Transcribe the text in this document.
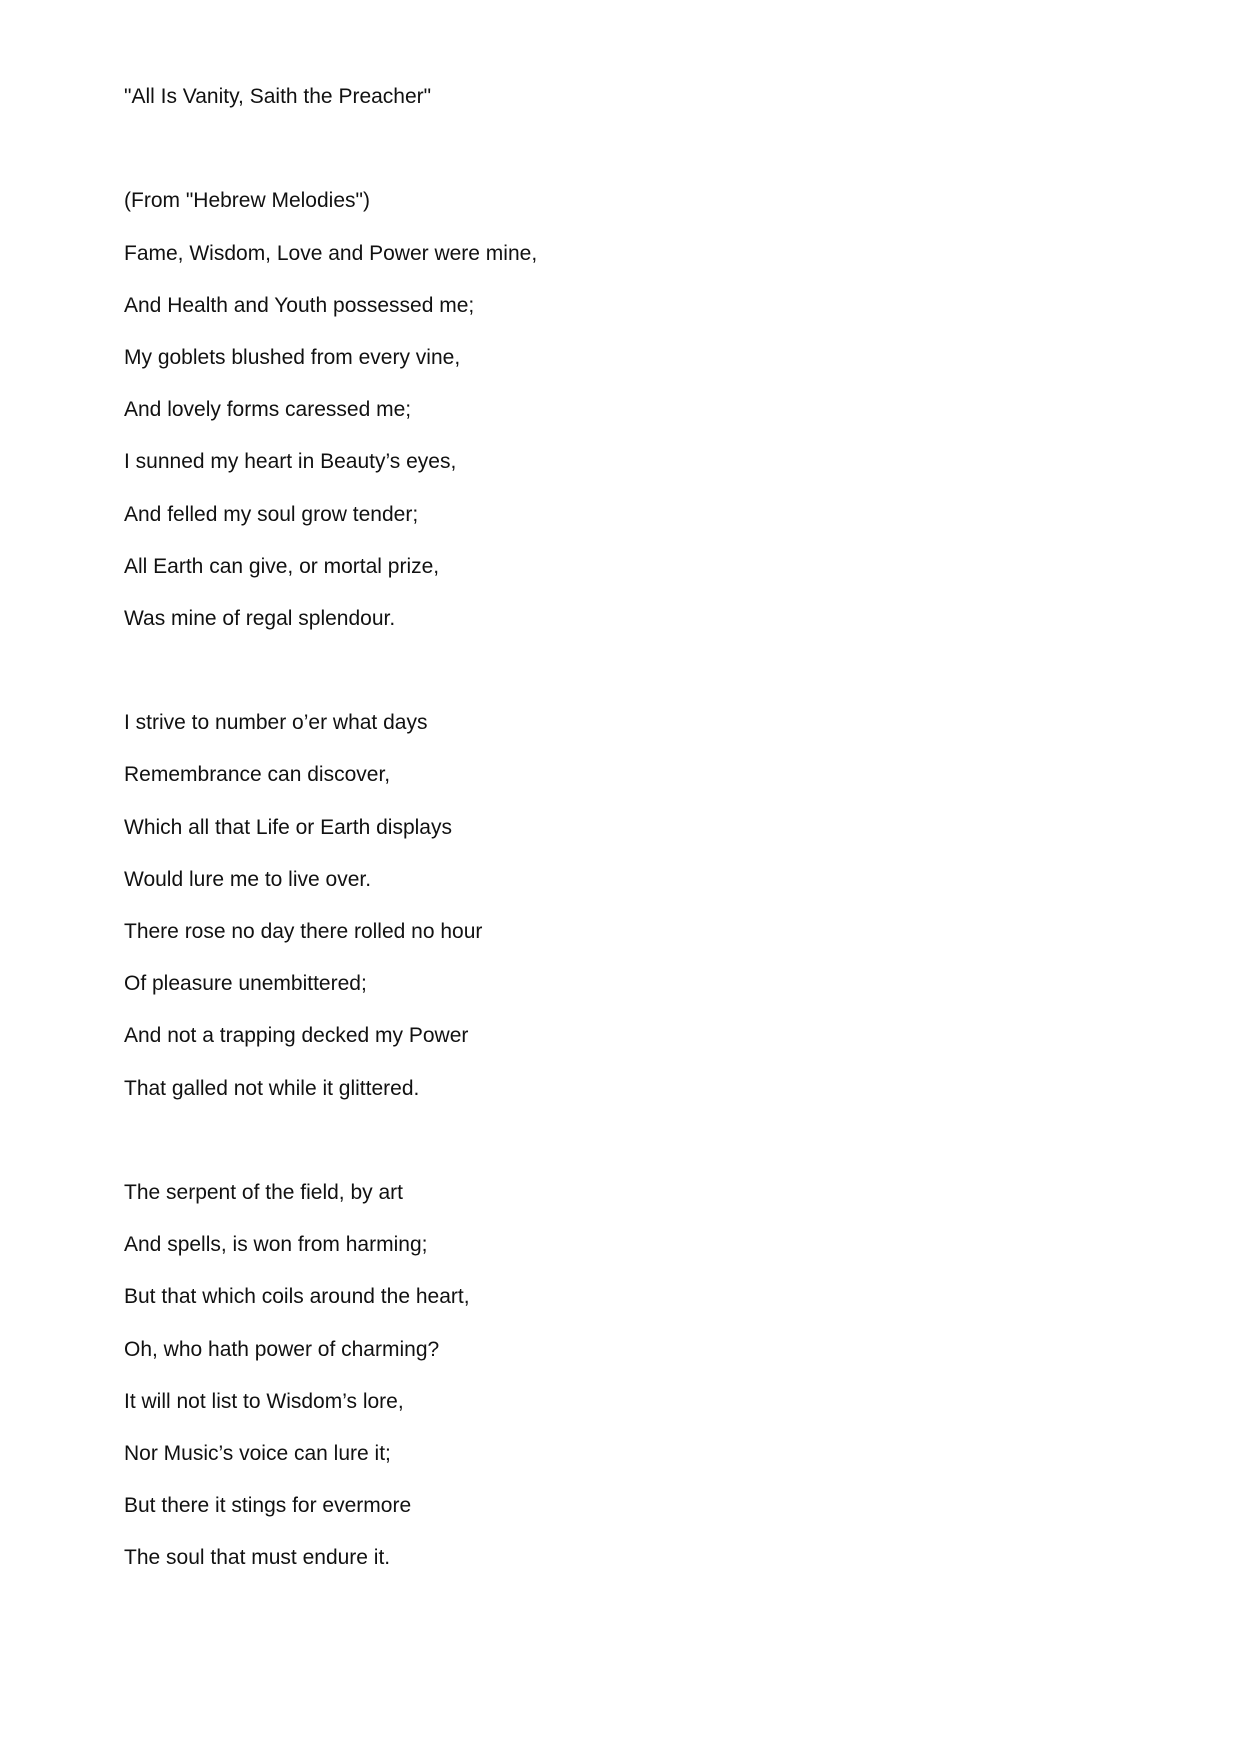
"All Is Vanity, Saith the Preacher"
(From "Hebrew Melodies")
Fame, Wisdom, Love and Power were mine,
And Health and Youth possessed me;
My goblets blushed from every vine,
And lovely forms caressed me;
I sunned my heart in Beauty’s eyes,
And felled my soul grow tender;
All Earth can give, or mortal prize,
Was mine of regal splendour.
I strive to number o’er what days
Remembrance can discover,
Which all that Life or Earth displays
Would lure me to live over.
There rose no day there rolled no hour
Of pleasure unembittered;
And not a trapping decked my Power
That galled not while it glittered.
The serpent of the field, by art
And spells, is won from harming;
But that which coils around the heart,
Oh, who hath power of charming?
It will not list to Wisdom’s lore,
Nor Music’s voice can lure it;
But there it stings for evermore
The soul that must endure it.
